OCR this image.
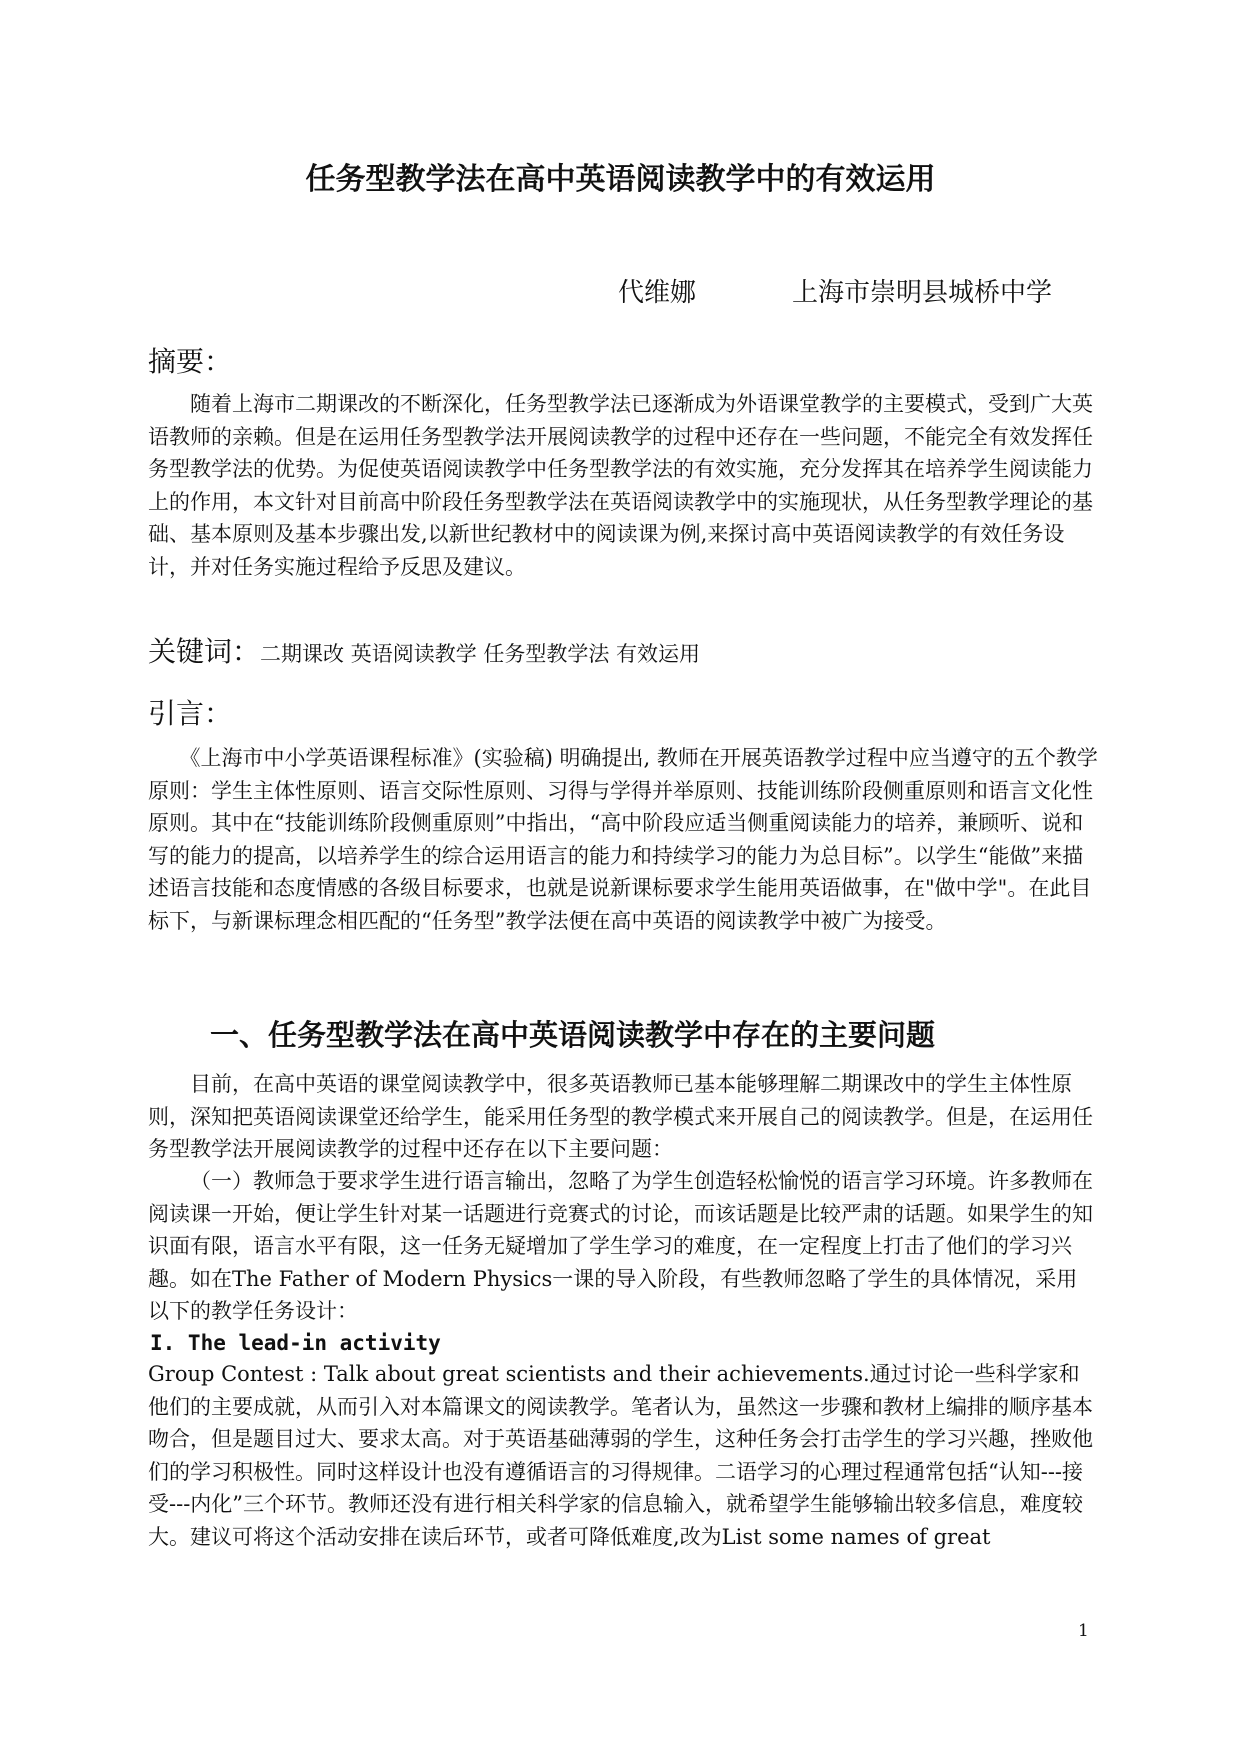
任务型教学法在高中英语阅读教学中的有效运用
代维娜	上海市崇明县城桥中学
摘要：

随着上海市二期课改的不断深化，任务型教学法已逐渐成为外语课堂教学的主要模式，受到广大英语教师的亲赖。但是在运用任务型教学法开展阅读教学的过程中还存在一些问题，不能完全有效发挥任务型教学法的优势。为促使英语阅读教学中任务型教学法的有效实施，充分发挥其在培养学生阅读能力上的作用，本文针对目前高中阶段任务型教学法在英语阅读教学中的实施现状，从任务型教学理论的基础、基本原则及基本步骤出发,以新世纪教材中的阅读课为例,来探讨高中英语阅读教学的有效任务设计，并对任务实施过程给予反思及建议。

关键词：二期课改 英语阅读教学 任务型教学法 有效运用
引言：

《上海市中小学英语课程标准》(实验稿) 明确提出, 教师在开展英语教学过程中应当遵守的五个教学原则：学生主体性原则、语言交际性原则、习得与学得并举原则、技能训练阶段侧重原则和语言文化性原则。其中在“技能训练阶段侧重原则”中指出，“高中阶段应适当侧重阅读能力的培养，兼顾听、说和写的能力的提高，以培养学生的综合运用语言的能力和持续学习的能力为总目标”。以学生“能做”来描述语言技能和态度情感的各级目标要求，也就是说新课标要求学生能用英语做事，在"做中学"。在此目标下，与新课标理念相匹配的“任务型”教学法便在高中英语的阅读教学中被广为接受。

一、任务型教学法在高中英语阅读教学中存在的主要问题

目前，在高中英语的课堂阅读教学中，很多英语教师已基本能够理解二期课改中的学生主体性原则，深知把英语阅读课堂还给学生，能采用任务型的教学模式来开展自己的阅读教学。但是，在运用任务型教学法开展阅读教学的过程中还存在以下主要问题：

（一）教师急于要求学生进行语言输出，忽略了为学生创造轻松愉悦的语言学习环境。许多教师在阅读课一开始，便让学生针对某一话题进行竞赛式的讨论，而该话题是比较严肃的话题。如果学生的知识面有限，语言水平有限，这一任务无疑增加了学生学习的难度，在一定程度上打击了他们的学习兴趣。如在The Father of Modern Physics一课的导入阶段，有些教师忽略了学生的具体情况，采用以下的教学任务设计：

I. The lead-in activity

Group Contest : Talk about great scientists and their achievements.通过讨论一些科学家和他们的主要成就，从而引入对本篇课文的阅读教学。笔者认为，虽然这一步骤和教材上编排的顺序基本吻合，但是题目过大、要求太高。对于英语基础薄弱的学生，这种任务会打击学生的学习兴趣，挫败他们的学习积极性。同时这样设计也没有遵循语言的习得规律。二语学习的心理过程通常包括“认知---接受---内化”三个环节。教师还没有进行相关科学家的信息输入，就希望学生能够输出较多信息，难度较大。建议可将这个活动安排在读后环节，或者可降低难度,改为List some names of great

1
